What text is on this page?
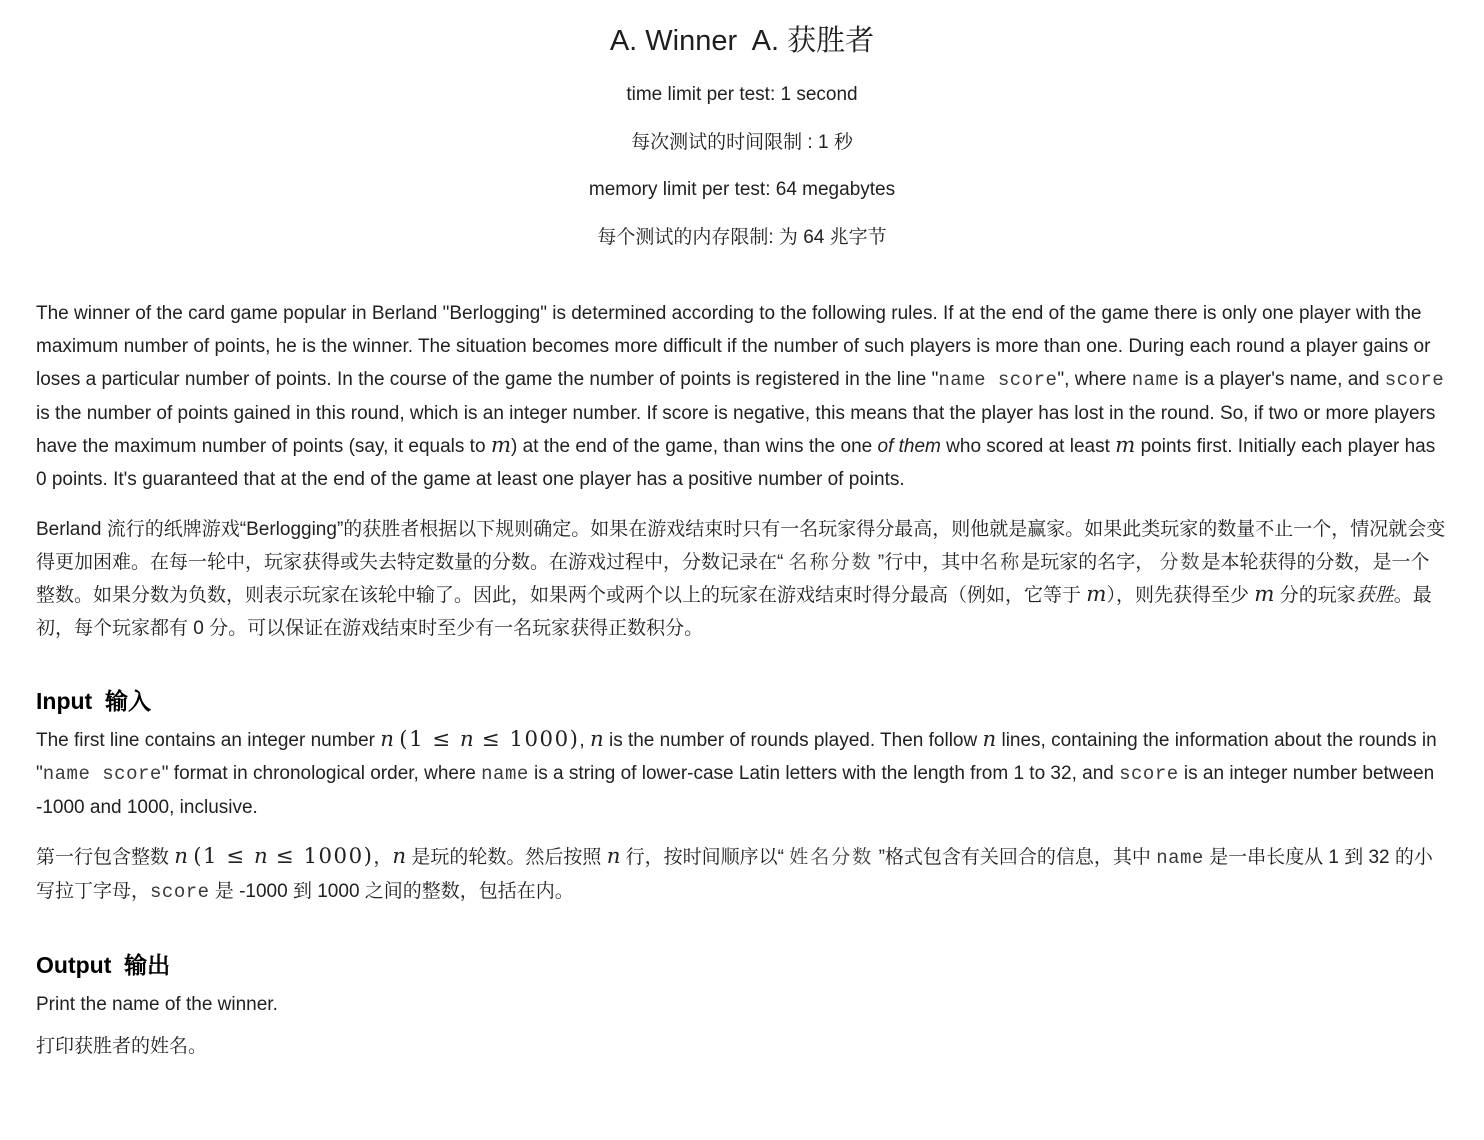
A. Winner  A. 获胜者

time limit per test: 1 second

每次测试的时间限制 : 1 秒

memory limit per test: 64 megabytes

每个测试的内存限制: 为 64 兆字节

The winner of the card game popular in Berland "Berlogging" is determined according to the following rules. If at the end of the game there is only one player with the maximum number of points, he is the winner. The situation becomes more difficult if the number of such players is more than one. During each round a player gains or loses a particular number of points. In the course of the game the number of points is registered in the line "name score", where name is a player's name, and score is the number of points gained in this round, which is an integer number. If score is negative, this means that the player has lost in the round. So, if two or more players have the maximum number of points (say, it equals to m) at the end of the game, than wins the one of them who scored at least m points first. Initially each player has 0 points. It's guaranteed that at the end of the game at least one player has a positive number of points.

Berland 流行的纸牌游戏“Berlogging”的获胜者根据以下规则确定。如果在游戏结束时只有一名玩家得分最高，则他就是赢家。如果此类玩家的数量不止一个，情况就会变得更加困难。在每一轮中，玩家获得或失去特定数量的分数。在游戏过程中，分数记录在“ 名称分数 ”行中，其中名称是玩家的名字， 分数是本轮获得的分数，是一个整数。如果分数为负数，则表示玩家在该轮中输了。因此，如果两个或两个以上的玩家在游戏结束时得分最高（例如，它等于 m），则先获得至少 m 分的玩家获胜。最初，每个玩家都有 0 分。可以保证在游戏结束时至少有一名玩家获得正数积分。

Input  输入

The first line contains an integer number n (1 ≤ n ≤ 1000), n is the number of rounds played. Then follow n lines, containing the information about the rounds in "name score" format in chronological order, where name is a string of lower-case Latin letters with the length from 1 to 32, and score is an integer number between -1000 and 1000, inclusive.

第一行包含整数 n (1 ≤ n ≤ 1000)，n 是玩的轮数。然后按照 n 行，按时间顺序以“ 姓名分数 ”格式包含有关回合的信息，其中 name 是一串长度从 1 到 32 的小写拉丁字母，score 是 -1000 到 1000 之间的整数，包括在内。

Output  输出

Print the name of the winner.

打印获胜者的姓名。
